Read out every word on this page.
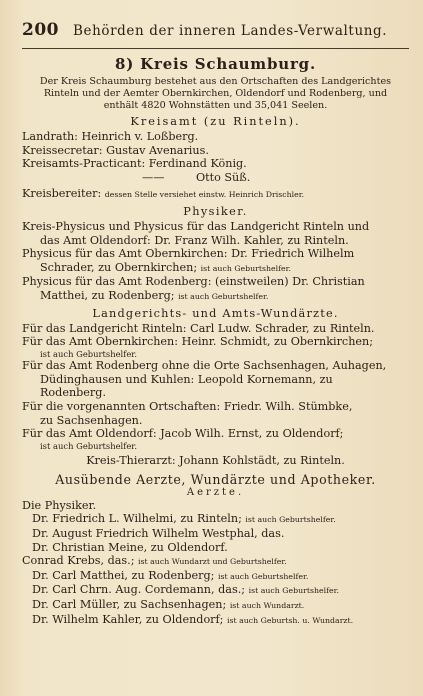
200 Behörden der inneren Landes-Verwaltung.
8) Kreis Schaumburg.
Der Kreis Schaumburg bestehet aus den Ortschaften des Landgerichtes Rinteln und der Aemter Obernkirchen, Oldendorf und Rodenberg, und enthält 4820 Wohnstätten und 35,041 Seelen.
Kreisamt (zu Rinteln).
Landrath: Heinrich v. Loßberg.
Kreissecretar: Gustav Avenarius.
Kreisamts-Practicant: Ferdinand König.
——	Otto Süß.
Kreisbereiter: dessen Stelle versiehet einstw. Heinrich Drischler.
Physiker.
Kreis-Physicus und Physicus für das Landgericht Rinteln und
das Amt Oldendorf: Dr. Franz Wilh. Kahler, zu Rinteln.
Physicus für das Amt Obernkirchen: Dr. Friedrich Wilhelm
Schrader, zu Obernkirchen; ist auch Geburtshelfer.
Physicus für das Amt Rodenberg: (einstweilen) Dr. Christian
Matthei, zu Rodenberg; ist auch Geburtshelfer.
Landgerichts- und Amts-Wundärzte.
Für das Landgericht Rinteln: Carl Ludw. Schrader, zu Rinteln.
Für das Amt Obernkirchen: Heinr. Schmidt, zu Obernkirchen;
ist auch Geburtshelfer.
Für das Amt Rodenberg ohne die Orte Sachsenhagen, Auhagen,
Düdinghausen und Kuhlen: Leopold Kornemann, zu
Rodenberg.
Für die vorgenannten Ortschaften: Friedr. Wilh. Stümbke,
zu Sachsenhagen.
Für das Amt Oldendorf: Jacob Wilh. Ernst, zu Oldendorf;
ist auch Geburtshelfer.
Kreis-Thierarzt: Johann Kohlstädt, zu Rinteln.
Ausübende Aerzte, Wundärzte und Apotheker.
Aerzte.
Die Physiker.
Dr. Friedrich L. Wilhelmi, zu Rinteln; ist auch Geburtshelfer.
Dr. August Friedrich Wilhelm Westphal, das.
Dr. Christian Meine, zu Oldendorf.
Conrad Krebs, das.; ist auch Wundarzt und Geburtshelfer.
Dr. Carl Matthei, zu Rodenberg; ist auch Geburtshelfer.
Dr. Carl Chrn. Aug. Cordemann, das.; ist auch Geburtshelfer.
Dr. Carl Müller, zu Sachsenhagen; ist auch Wundarzt.
Dr. Wilhelm Kahler, zu Oldendorf; ist auch Geburtsh. u. Wundarzt.
